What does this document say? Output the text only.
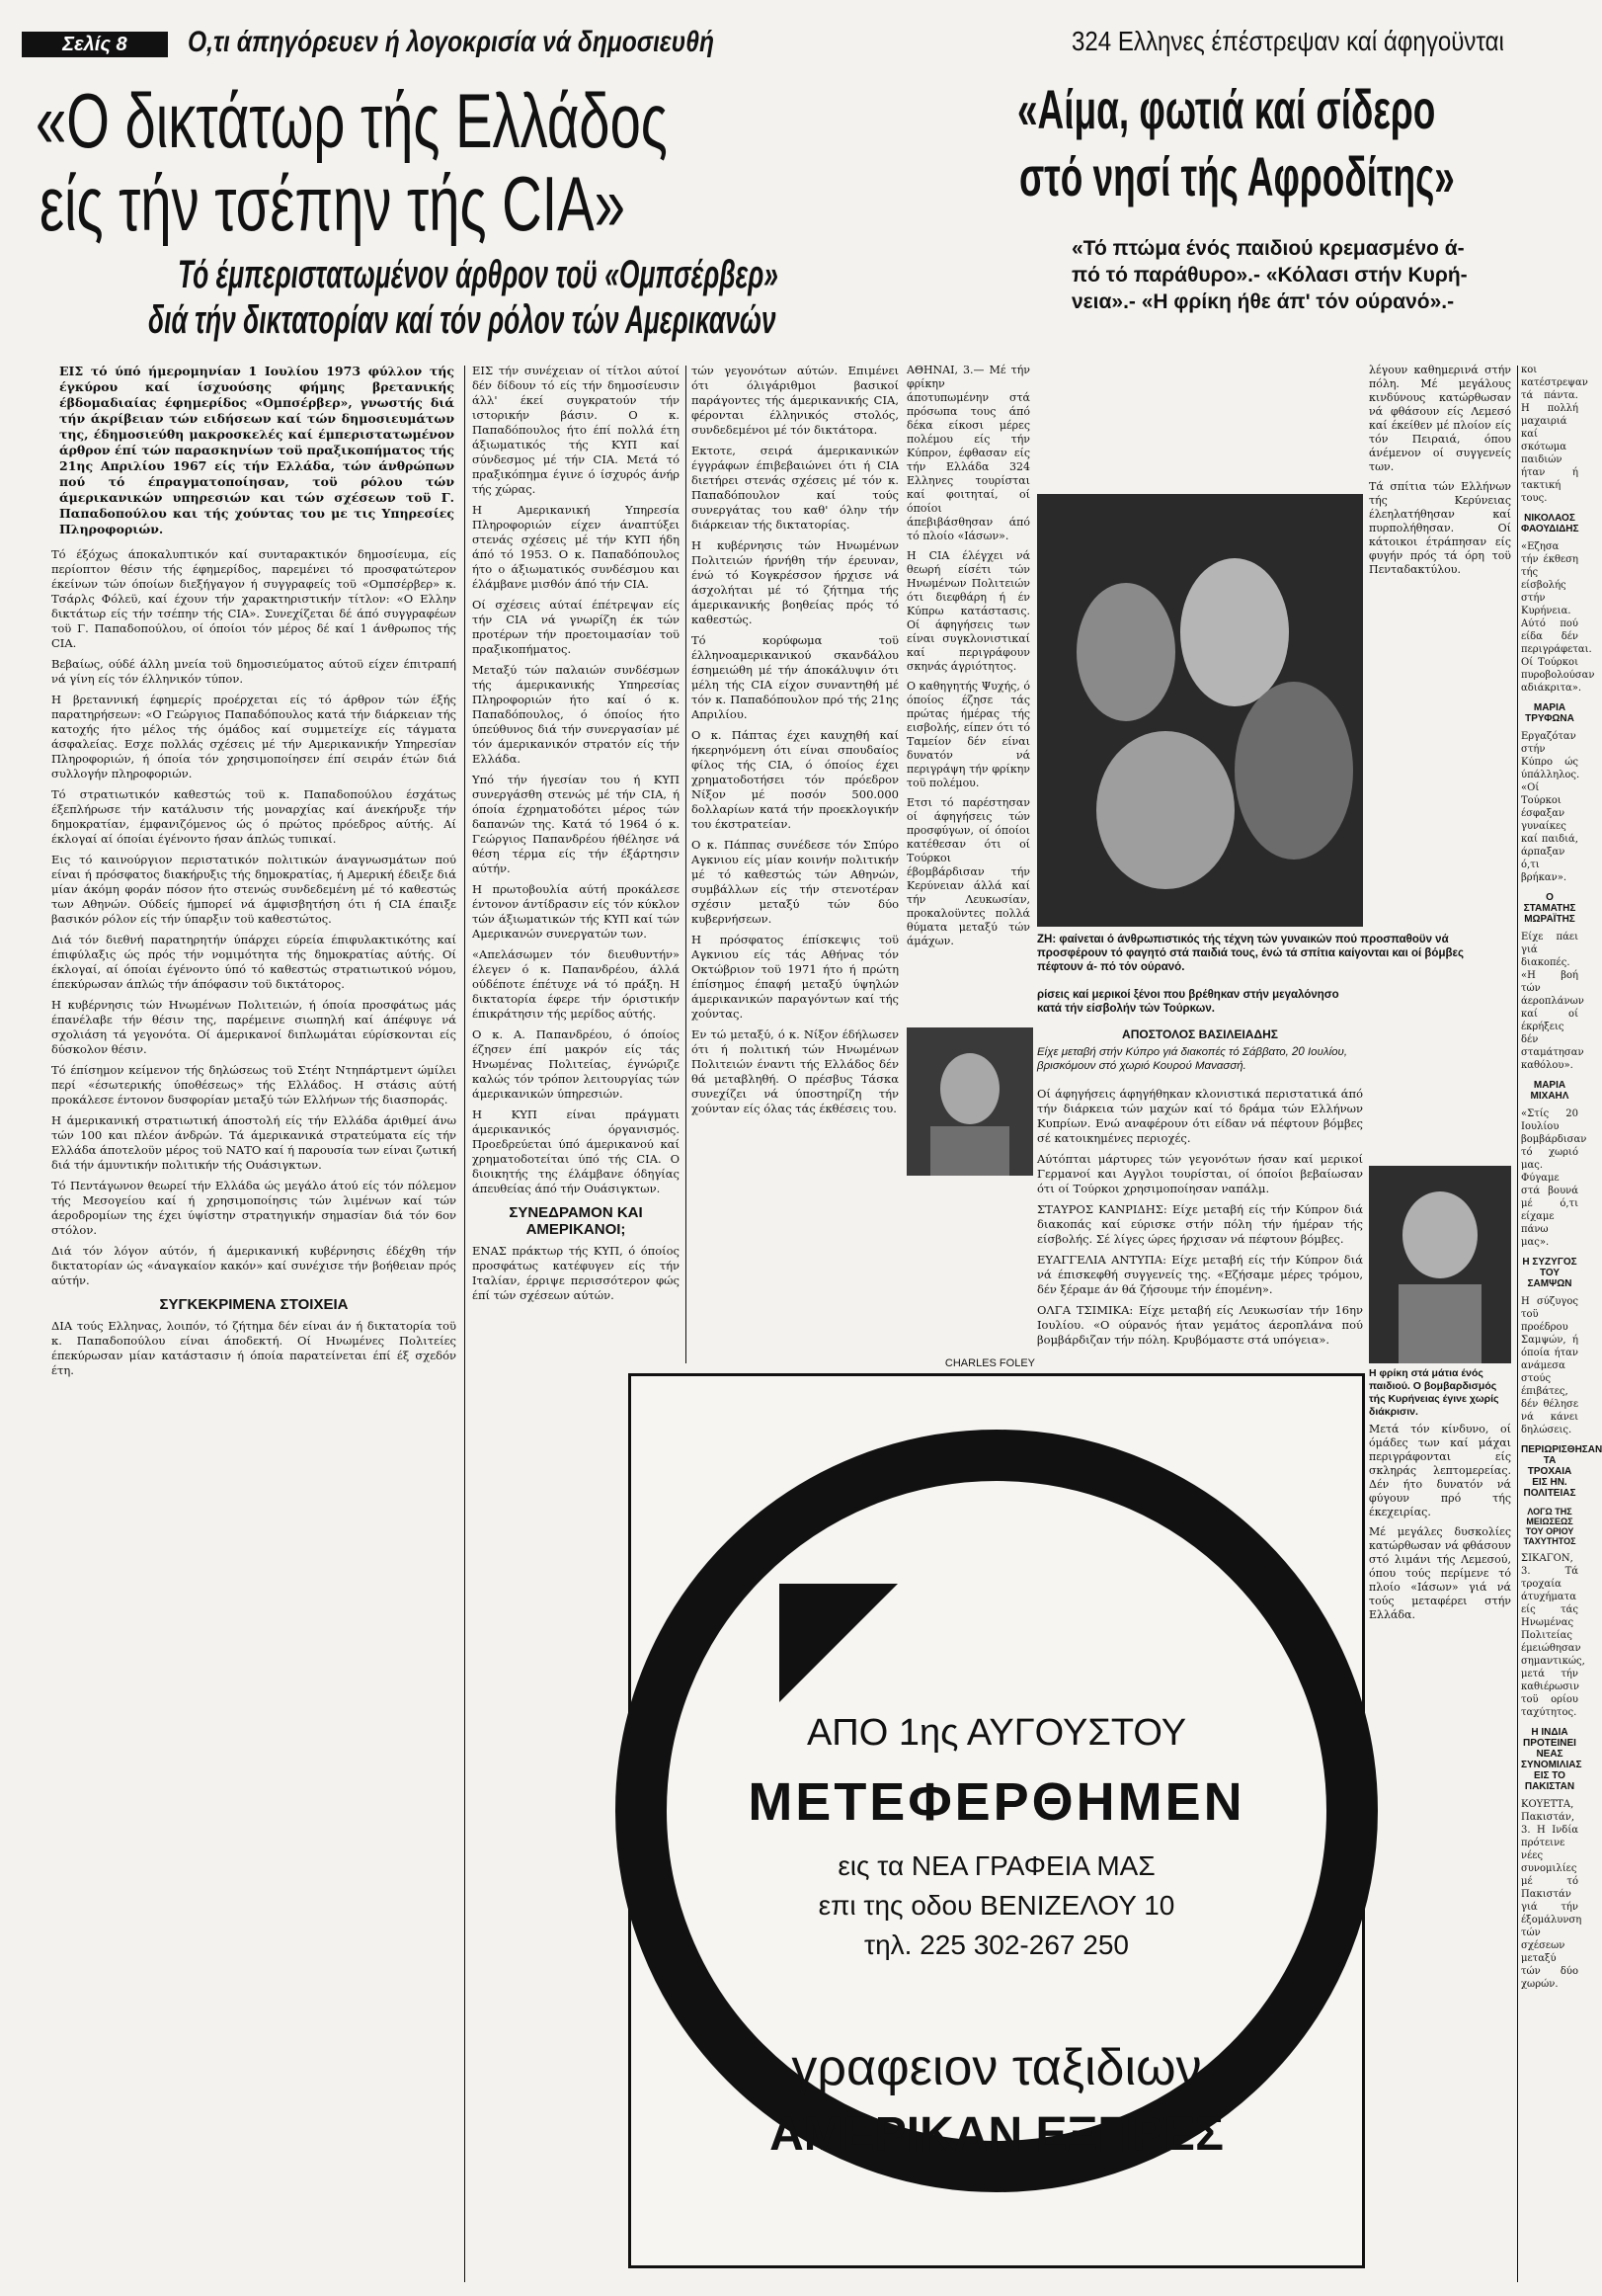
Σελίς 8	Ο,τι άπηγόρευεν ή λογοκρισία νά δημοσιευθή	324 Ελληνες έπέστρεψαν καί άφηγοϋνται
«Ο δικτάτωρ τής Ελλάδος
είς τήν τσέπην τής CIA»
Τό έμπεριστατωμένον άρθρον τοϋ «Ομπσέρβερ»
διά τήν δικτατορίαν καί τόν ρόλον τών Αμερικανών
«Αίμα, φωτιά καί σίδερο
στό νησί τής Αφροδίτης»
«Τό πτώμα ένός παιδιού κρεμασμένο ά-
πό τό παράθυρο».- «Κόλασι στήν Κυρή-
νεια».- «Η φρίκη ήθε άπ' τόν ούρανό».-

ΕΙΣ τό ύπό ήμερομηνίαν 1 Ιουλίου 1973 φύλλον τής έγκύρου καί ίσχυούσης φήμης βρετανικής έβδομαδιαίας έφημερίδος «Ομπσέρβερ», γνωστής διά τήν άκρίβειαν τών ειδήσεων καί τών δημοσιευμάτων της, έδημοσιεύθη μακροσκελές καί έμπεριστατωμένον άρθρον έπί τών παρασκηνίων τοϋ πραξικοπήματος τής 21ης Απριλίου 1967 είς τήν Ελλάδα, τών άνθρώπων πού τό έπραγματοποίησαν, τοϋ ρόλου τών άμερικανικών υπηρεσιών και τών σχέσεων τοϋ Γ. Παπαδοπούλου και τής χούντας του με τις Υπηρεσίες Πληροφοριών.

Τό έξόχως άποκαλυπτικόν καί συνταρακτικόν δημοσίευμα, είς περίοπτον θέσιν τής έφημερίδος, παρεμένει τό προσφατώτερον έκείνων τών όποίων διεξήγαγον ή συγγραφείς τοϋ «Ομπσέρβερ» κ. Τσάρλς Φόλεϋ, καί έχουν τήν χαρακτηριστικήν τίτλον: «Ο Ελλην δικτάτωρ είς τήν τσέπην τής CIA». Συνεχίζεται δέ άπό συγγραφέων τοϋ Γ. Παπαδοπούλου, οί όποίοι τόν μέρος δέ καί 1 άνθρωπος τής CIA.

Βεβαίως, ούδέ άλλη μνεία τοϋ δημοσιεύματος αύτοϋ είχεν έπιτραπή νά γίνη είς τόν έλληνικόν τύπον.

Η βρεταννική έφημερίς προέρχεται είς τό άρθρον τών έξής παρατηρήσεων: «Ο Γεώργιος Παπαδόπουλος κατά τήν διάρκειαν τής κατοχής ήτο μέλος τής όμάδος καί συμμετείχε είς τάγματα άσφαλείας. Εσχε πολλάς σχέσεις μέ τήν Αμερικανικήν Υπηρεσίαν Πληροφοριών, ή όποία τόν χρησιμοποίησεν έπί σειράν έτών διά συλλογήν πληροφοριών.

Τό στρατιωτικόν καθεστώς τοϋ κ. Παπαδοπούλου έσχάτως έξεπλήρωσε τήν κατάλυσιν τής μοναρχίας καί άνεκήρυξε τήν δημοκρατίαν, έμφανιζόμενος ώς ό πρώτος πρόεδρος αύτής. Αί έκλογαί αί όποίαι έγένοντο ήσαν άπλώς τυπικαί.

Εις τό καινούργιον περιστατικόν πολιτικών άναγνωσμάτων πού είναι ή πρόσφατος διακήρυξις τής δημοκρατίας, ή Αμερική έδειξε διά μίαν άκόμη φοράν πόσον ήτο στενώς συνδεδεμένη μέ τό καθεστώς των Αθηνών. Ούδείς ήμπορεί νά άμφισβητήση ότι ή CIA έπαιξε βασικόν ρόλον είς τήν ύπαρξιν τοϋ καθεστώτος.

Διά τόν διεθνή παρατηρητήν ύπάρχει εύρεία έπιφυλακτικότης καί έπιφύλαξις ώς πρός τήν νομιμότητα τής δημοκρατίας αύτής. Οί έκλογαί, αί όποίαι έγένοντο ύπό τό καθεστώς στρατιωτικού νόμου, έπεκύρωσαν άπλώς τήν άπόφασιν τοϋ δικτάτορος.

Η κυβέρνησις τών Ηνωμένων Πολιτειών, ή όποία προσφάτως μάς έπανέλαβε τήν θέσιν της, παρέμεινε σιωπηλή καί άπέφυγε νά σχολιάση τά γεγονότα. Οί άμερικανοί διπλωμάται εύρίσκονται είς δύσκολον θέσιν.

Τό έπίσημον κείμενον τής δηλώσεως τοϋ Στέητ Ντηπάρτμεντ ώμίλει περί «έσωτερικής ύποθέσεως» τής Ελλάδος. Η στάσις αύτή προκάλεσε έντονον δυσφορίαν μεταξύ τών Ελλήνων τής διασποράς.

Η άμερικανική στρατιωτική άποστολή είς τήν Ελλάδα άριθμεί άνω τών 100 και πλέον άνδρών. Τά άμερικανικά στρατεύματα είς τήν Ελλάδα άποτελοϋν μέρος τοϋ ΝΑΤΟ καί ή παρουσία των είναι ζωτική διά τήν άμυντικήν πολιτικήν τής Ουάσιγκτων.

Τό Πεντάγωνον θεωρεί τήν Ελλάδα ώς μεγάλο άτού είς τόν πόλεμον τής Μεσογείου καί ή χρησιμοποίησις τών λιμένων καί τών άεροδρομίων της έχει ύψίστην στρατηγικήν σημασίαν διά τόν 6ον στόλον.

Διά τόν λόγον αύτόν, ή άμερικανική κυβέρνησις έδέχθη τήν δικτατορίαν ώς «άναγκαίον κακόν» καί συνέχισε τήν βοήθειαν πρός αύτήν.

ΣΥΓΚΕΚΡΙΜΕΝΑ ΣΤΟΙΧΕΙΑ

ΔΙΑ τούς Ελληνας, λοιπόν, τό ζήτημα δέν είναι άν ή δικτατορία τοϋ κ. Παπαδοπούλου είναι άποδεκτή. Οί Ηνωμένες Πολιτείες έπεκύρωσαν μίαν κατάστασιν ή όποία παρατείνεται έπί έξ σχεδόν έτη.

ΕΙΣ τήν συνέχειαν οί τίτλοι αύτοί δέν δίδουν τό είς τήν δημοσίευσιν άλλ' έκεί συγκρατούν τήν ιστορικήν βάσιν. Ο κ. Παπαδόπουλος ήτο έπί πολλά έτη άξιωματικός τής ΚΥΠ καί σύνδεσμος μέ τήν CIA. Μετά τό πραξικόπημα έγινε ό ίσχυρός άνήρ τής χώρας.

Η Αμερικανική Υπηρεσία Πληροφοριών είχεν άναπτύξει στενάς σχέσεις μέ τήν ΚΥΠ ήδη άπό τό 1953. Ο κ. Παπαδόπουλος ήτο ο άξιωματικός συνδέσμου και έλάμβανε μισθόν άπό τήν CIA.

Οί σχέσεις αύταί έπέτρεψαν είς τήν CIA νά γνωρίζη έκ τών προτέρων τήν προετοιμασίαν τοϋ πραξικοπήματος.

Μεταξύ τών παλαιών συνδέσμων τής άμερικανικής Υπηρεσίας Πληροφοριών ήτο καί ό κ. Παπαδόπουλος, ό όποίος ήτο ύπεύθυνος διά τήν συνεργασίαν μέ τόν άμερικανικόν στρατόν είς τήν Ελλάδα.

Υπό τήν ήγεσίαν του ή ΚΥΠ συνεργάσθη στενώς μέ τήν CIA, ή όποία έχρηματοδότει μέρος τών δαπανών της. Κατά τό 1964 ό κ. Γεώργιος Παπανδρέου ήθέλησε νά θέση τέρμα είς τήν έξάρτησιν αύτήν.

Η πρωτοβουλία αύτή προκάλεσε έντονον άντίδρασιν είς τόν κύκλον τών άξιωματικών τής ΚΥΠ καί τών Αμερικανών συνεργατών των.

«Απελάσωμεν τόν διευθυντήν» έλεγεν ό κ. Παπανδρέου, άλλά ούδέποτε έπέτυχε νά τό πράξη. Η δικτατορία έφερε τήν όριστικήν έπικράτησιν τής μερίδος αύτής.

Ο κ. Α. Παπανδρέου, ό όποίος έζησεν έπί μακρόν είς τάς Ηνωμένας Πολιτείας, έγνώριζε καλώς τόν τρόπον λειτουργίας τών άμερικανικών ύπηρεσιών.

Η ΚΥΠ είναι πράγματι άμερικανικός όργανισμός. Προεδρεύεται ύπό άμερικανού καί χρηματοδοτείται ύπό τής CIA. Ο διοικητής της έλάμβανε όδηγίας άπευθείας άπό τήν Ουάσιγκτων.

ΣΥΝΕΔΡΑΜΟΝ ΚΑΙ ΑΜΕΡΙΚΑΝΟΙ;

ΕΝΑΣ πράκτωρ τής ΚΥΠ, ό όποίος προσφάτως κατέφυγεν είς τήν Ιταλίαν, έρριψε περισσότερον φώς έπί τών σχέσεων αύτών.

τών γεγονότων αύτών. Επιμένει ότι όλιγάριθμοι βασικοί παράγοντες τής άμερικανικής CIA, φέρονται έλληνικός στολός, συνδεδεμένοι μέ τόν δικτάτορα.

Εκτοτε, σειρά άμερικανικών έγγράφων έπιβεβαιώνει ότι ή CIA διετήρει στενάς σχέσεις μέ τόν κ. Παπαδόπουλον καί τούς συνεργάτας του καθ' όλην τήν διάρκειαν τής δικτατορίας.

Η κυβέρνησις τών Ηνωμένων Πολιτειών ήρνήθη τήν έρευναν, ένώ τό Κογκρέσσον ήρχισε νά άσχολήται μέ τό ζήτημα τής άμερικανικής βοηθείας πρός τό καθεστώς.

Τό κορύφωμα τοϋ έλληνοαμερικανικού σκανδάλου έσημειώθη μέ τήν άποκάλυψιν ότι μέλη τής CIA είχον συναντηθή μέ τόν κ. Παπαδόπουλον πρό τής 21ης Απριλίου.

Ο κ. Πάπτας έχει καυχηθή καί ήκερηνόμενη ότι είναι σπουδαίος φίλος τής CIA, ό όποίος έχει χρηματοδοτήσει τόν πρόεδρον Νίξον μέ ποσόν 500.000 δολλαρίων κατά τήν προεκλογικήν του έκστρατείαν.

Ο κ. Πάππας συνέδεσε τόν Σπύρο Αγκνιου είς μίαν κοινήν πολιτικήν μέ τό καθεστώς τών Αθηνών, συμβάλλων είς τήν στενοτέραν σχέσιν μεταξύ τών δύο κυβερνήσεων.

Η πρόσφατος έπίσκεψις τοϋ Αγκνιου είς τάς Αθήνας τόν Οκτώβριον τοϋ 1971 ήτο ή πρώτη έπίσημος έπαφή μεταξύ ύψηλών άμερικανικών παραγόντων καί τής χούντας.

Εν τώ μεταξύ, ό κ. Νίξον έδήλωσεν ότι ή πολιτική τών Ηνωμένων Πολιτειών έναντι τής Ελλάδος δέν θά μεταβληθή. Ο πρέσβυς Τάσκα συνεχίζει νά ύποστηρίζη τήν χούνταν είς όλας τάς έκθέσεις του.

CHARLES FOLEY

ΑΘΗΝΑΙ, 3.— Μέ τήν φρίκην άποτυπωμένην στά πρόσωπα τους άπό δέκα είκοσι μέρες πολέμου είς τήν Κύπρον, έφθασαν είς τήν Ελλάδα 324 Ελληνες τουρίσται καί φοιτηταί, οί όποίοι άπεβιβάσθησαν άπό τό πλοίο «Ιάσων».

Η CIA έλέγχει νά θεωρή είσέτι τών Ηνωμένων Πολιτειών ότι διεφθάρη ή έν Κύπρω κατάστασις. Οί άφηγήσεις των είναι συγκλονιστικαί καί περιγράφουν σκηνάς άγριότητος.

Ο καθηγητής Ψυχής, ό όποίος έζησε τάς πρώτας ήμέρας τής εισβολής, είπεν ότι τό Ταμείον δέν είναι δυνατόν νά περιγράψη τήν φρίκην τοϋ πολέμου.

Ετσι τό παρέστησαν οί άφηγήσεις τών προσφύγων, οί όποίοι κατέθεσαν ότι οί Τούρκοι έβομβάρδισαν τήν Κερύνειαν άλλά καί τήν Λευκωσίαν, προκαλοϋντες πολλά θύματα μεταξύ τών άμάχων.

λέγουν καθημερινά στήν πόλη. Μέ μεγάλους κινδύνους κατώρθωσαν νά φθάσουν είς Λεμεσό καί έκείθεν μέ πλοίον είς τόν Πειραιά, όπου άνέμενον οί συγγενείς των.

Τά σπίτια τών Ελλήνων τής Κερύνειας έλεηλατήθησαν καί πυρπολήθησαν. Οί κάτοικοι έτράπησαν είς φυγήν πρός τά όρη τοϋ Πενταδακτύλου.

ΖΗ: φαίνεται ό άνθρωπιστικός τής τέχνη τών γυναικών πού προσπαθοϋν νά προσφέρουν τό φαγητό στά παιδιά τους, ένώ τά σπίτια καίγονται και οί βόμβες πέφτουν ά- πό τόν ούρανό.
ρίσεις καί μερικοί ξένοι που βρέθηκαν στήν μεγαλόνησο κατά τήν είσβολήν τών Τούρκων.
ΑΠΟΣΤΟΛΟΣ ΒΑΣΙΛΕΙΑΔΗΣ
Είχε μεταβή στήν Κύπρο γιά διακοπές τό Σάββατο, 20 Ιουλίου, βρισκόμουν στό χωριό Κουρού Μανασσή.

Οί άφηγήσεις άφηγήθηκαν κλονιστικά περιστατικά άπό τήν διάρκεια τών μαχών καί τό δράμα τών Ελλήνων Κυπρίων. Ενώ αναφέρουν ότι είδαν νά πέφτουν βόμβες σέ κατοικημένες περιοχές.

Αύτόπται μάρτυρες τών γεγονότων ήσαν καί μερικοί Γερμανοί και Αγγλοι τουρίσται, οί όποίοι βεβαίωσαν ότι οί Τούρκοι χρησιμοποίησαν ναπάλμ.

ΣΤΑΥΡΟΣ ΚΑΝΡΙΔΗΣ: Είχε μεταβή είς τήν Κύπρον διά διακοπάς καί εύρισκε στήν πόλη τήν ήμέραν τής είσβολής. Σέ λίγες ώρες ήρχισαν νά πέφτουν βόμβες.

ΕΥΑΓΓΕΛΙΑ ΑΝΤΥΠΑ: Είχε μεταβή είς τήν Κύπρον διά νά έπισκεφθή συγγενείς της. «Εζήσαμε μέρες τρόμου, δέν ξέραμε άν θά ζήσουμε τήν έπομένη».

ΟΛΓΑ ΤΣΙΜΙΚΑ: Είχε μεταβή είς Λευκωσίαν τήν 16ην Ιουλίου. «Ο ούρανός ήταν γεμάτος άεροπλάνα πού βομβάρδιζαν τήν πόλη. Κρυβόμαστε στά υπόγεια».

Η φρίκη στά μάτια ένός παιδιού. Ο βομβαρδισμός τής Κυρήνειας έγινε χωρίς διάκρισιν.

Μετά τόν κίνδυνο, οί όμάδες των καί μάχαι περιγράφονται είς σκληράς λεπτομερείας. Δέν ήτο δυνατόν νά φύγουν πρό τής έκεχειρίας.

Μέ μεγάλες δυσκολίες κατώρθωσαν νά φθάσουν στό λιμάνι τής Λεμεσού, όπου τούς περίμενε τό πλοίο «Ιάσων» γιά νά τούς μεταφέρει στήν Ελλάδα.

κοι κατέστρεψαν τά πάντα. Η πολλή μαχαιριά καί σκότωμα παιδιών ήταν ή τακτική τους.

ΝΙΚΟΛΑΟΣ ΦΑΟΥΔΙΔΗΣ

«Εζησα τήν έκθεση τής είσβολής στήν Κυρήνεια. Αύτό πού είδα δέν περιγράφεται. Οί Τούρκοι πυροβολούσαν αδιάκριτα».

ΜΑΡΙΑ ΤΡΥΦΩΝΑ

Εργαζόταν στήν Κύπρο ώς ύπάλληλος. «Οί Τούρκοι έσφαξαν γυναίκες καί παιδιά, άρπαξαν ό,τι βρήκαν».

Ο ΣΤΑΜΑΤΗΣ ΜΩΡΑΪΤΗΣ

Είχε πάει γιά διακοπές. «Η βοή τών άεροπλάνων καί οί έκρήξεις δέν σταμάτησαν καθόλου».

ΜΑΡΙΑ ΜΙΧΑΗΛ

«Στίς 20 Ιουλίου βομβάρδισαν τό χωριό μας. Φύγαμε στά βουνά μέ ό,τι είχαμε πάνω μας».

Η ΣΥΖΥΓΟΣ ΤΟΥ ΣΑΜΨΩΝ

Η σύζυγος τοϋ προέδρου Σαμψών, ή όποία ήταν ανάμεσα στούς έπιβάτες, δέν θέλησε νά κάνει δηλώσεις.

ΠΕΡΙΩΡΙΣΘΗΣΑΝ ΤΑ ΤΡΟΧΑΙΑ ΕΙΣ ΗΝ. ΠΟΛΙΤΕΙΑΣ
ΛΟΓΩ ΤΗΣ ΜΕΙΩΣΕΩΣ ΤΟΥ ΟΡΙΟΥ ΤΑΧΥΤΗΤΟΣ

ΣΙΚΑΓΟΝ, 3. Τά τροχαία άτυχήματα είς τάς Ηνωμένας Πολιτείας έμειώθησαν σημαντικώς, μετά τήν καθιέρωσιν τοϋ ορίου ταχύτητος.

Η ΙΝΔΙΑ ΠΡΟΤΕΙΝΕΙ ΝΕΑΣ ΣΥΝΟΜΙΛΙΑΣ ΕΙΣ ΤΟ ΠΑΚΙΣΤΑΝ

ΚΟΥΕΤΤΑ, Πακιστάν, 3. Η Ινδία πρότεινε νέες συνομιλίες μέ τό Πακιστάν γιά τήν έξομάλυνση τών σχέσεων μεταξύ τών δύο χωρών.

ΑΠΟ 1ης ΑΥΓΟΥΣΤΟΥ
ΜΕΤΕΦΕΡΘΗΜΕΝ
εις τα ΝΕΑ ΓΡΑΦΕΙΑ ΜΑΣ
επι της οδου ΒΕΝΙΖΕΛΟΥ 10
τηλ. 225 302-267 250
γραφειον ταξιδιων
ΑΜΕΡΙΚΑΝ ΕΞΠΡΕΣ
